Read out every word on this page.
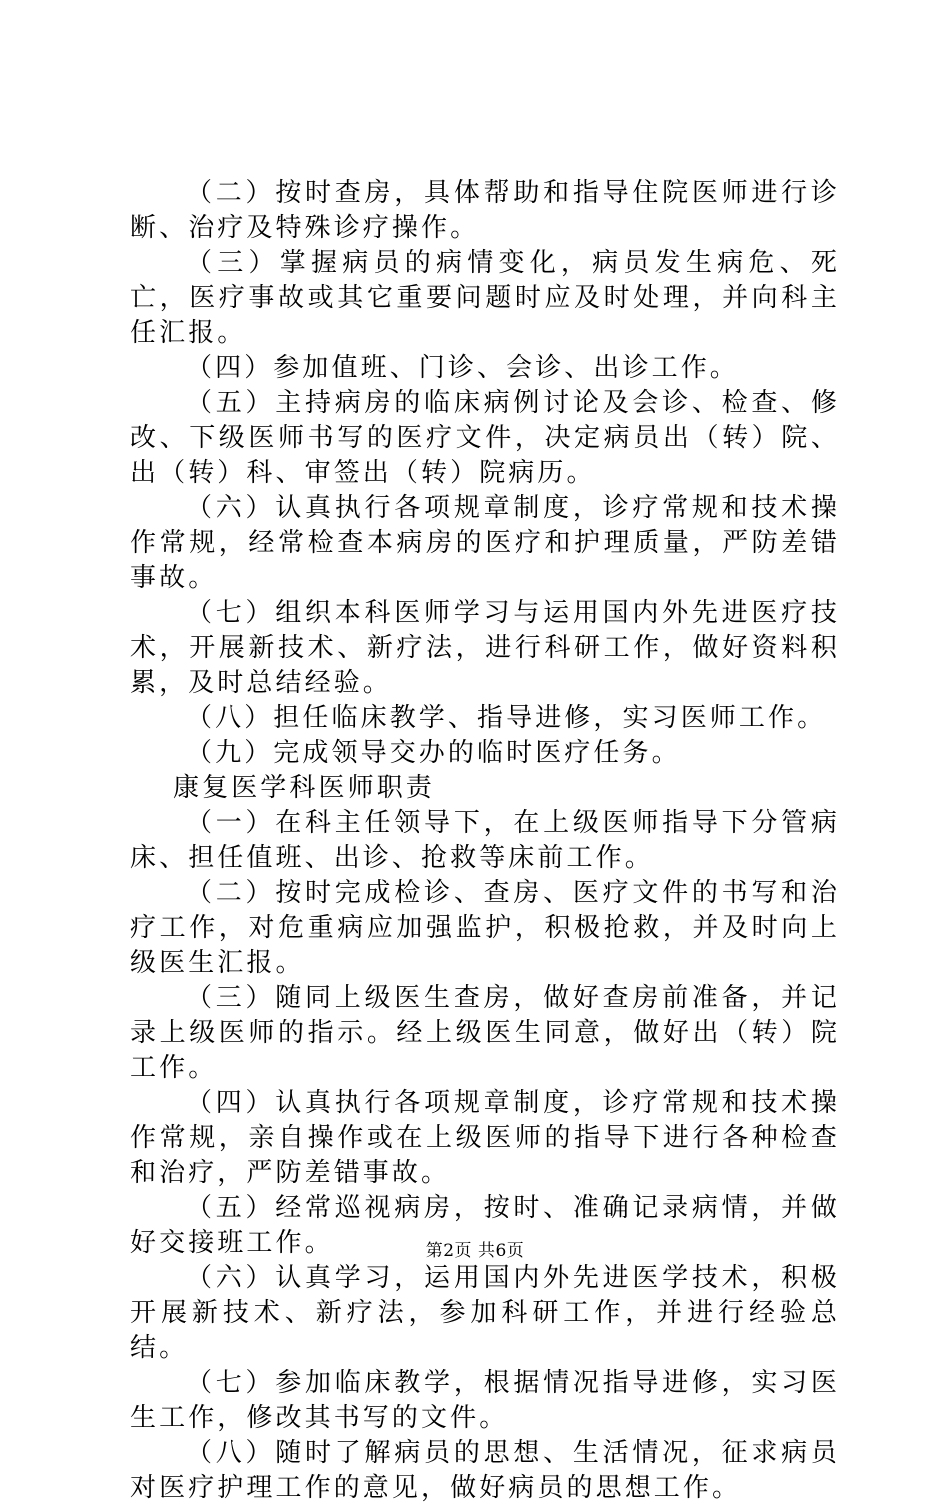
（二）按时查房，具体帮助和指导住院医师进行诊断、治疗及特殊诊疗操作。

（三）掌握病员的病情变化，病员发生病危、死亡，医疗事故或其它重要问题时应及时处理，并向科主任汇报。

（四）参加值班、门诊、会诊、出诊工作。

（五）主持病房的临床病例讨论及会诊、检查、修改、下级医师书写的医疗文件，决定病员出（转）院、出（转）科、审签出（转）院病历。

（六）认真执行各项规章制度，诊疗常规和技术操作常规，经常检查本病房的医疗和护理质量，严防差错事故。

（七）组织本科医师学习与运用国内外先进医疗技术，开展新技术、新疗法，进行科研工作，做好资料积累，及时总结经验。

（八）担任临床教学、指导进修，实习医师工作。

（九）完成领导交办的临时医疗任务。

康复医学科医师职责

（一）在科主任领导下，在上级医师指导下分管病床、担任值班、出诊、抢救等床前工作。

（二）按时完成检诊、查房、医疗文件的书写和治疗工作，对危重病应加强监护，积极抢救，并及时向上级医生汇报。

（三）随同上级医生查房，做好查房前准备，并记录上级医师的指示。经上级医生同意，做好出（转）院工作。

（四）认真执行各项规章制度，诊疗常规和技术操作常规，亲自操作或在上级医师的指导下进行各种检查和治疗，严防差错事故。

（五）经常巡视病房，按时、准确记录病情，并做好交接班工作。

（六）认真学习，运用国内外先进医学技术，积极开展新技术、新疗法，参加科研工作，并进行经验总结。

（七）参加临床教学，根据情况指导进修，实习医生工作，修改其书写的文件。

（八）随时了解病员的思想、生活情况，征求病员对医疗护理工作的意见，做好病员的思想工作。

第2页 共6页
